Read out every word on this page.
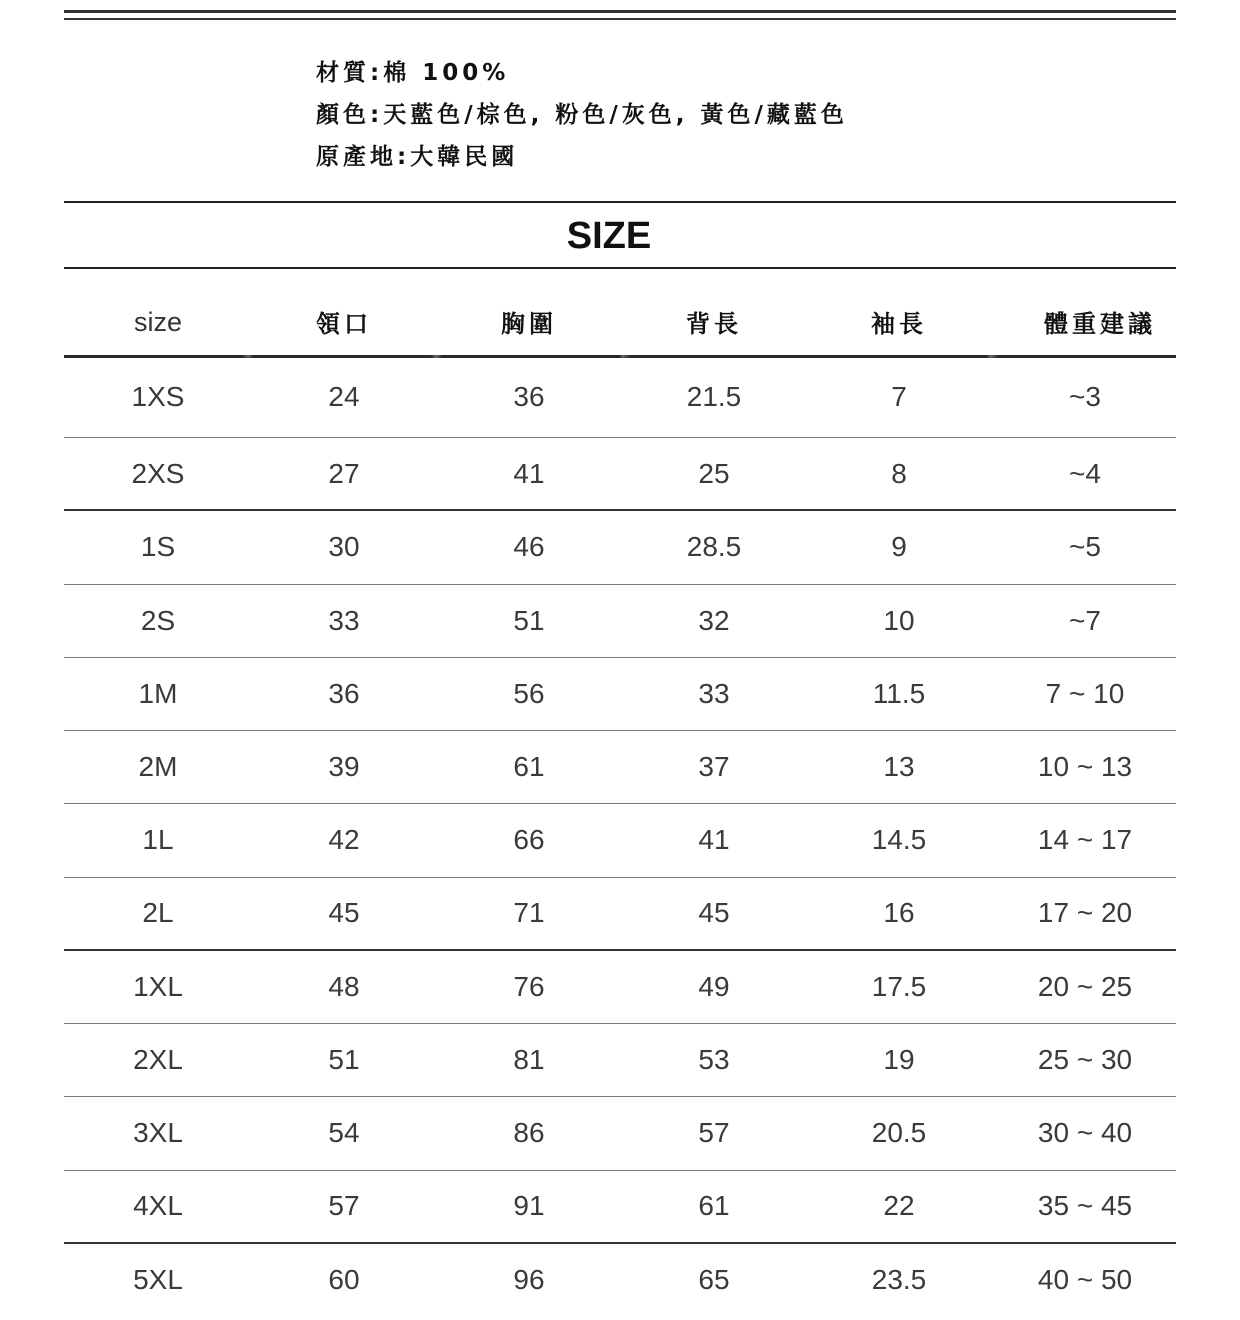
材質:棉 100%
顏色:天藍色/棕色, 粉色/灰色, 黃色/藏藍色
原產地:大韓民國
SIZE
size	領口	胸圍	背長	袖長	體重建議
1XS	24	36	21.5	7	~3
2XS	27	41	25	8	~4
1S	30	46	28.5	9	~5
2S	33	51	32	10	~7
1M	36	56	33	11.5	7 ~ 10
2M	39	61	37	13	10 ~ 13
1L	42	66	41	14.5	14 ~ 17
2L	45	71	45	16	17 ~ 20
1XL	48	76	49	17.5	20 ~ 25
2XL	51	81	53	19	25 ~ 30
3XL	54	86	57	20.5	30 ~ 40
4XL	57	91	61	22	35 ~ 45
5XL	60	96	65	23.5	40 ~ 50
